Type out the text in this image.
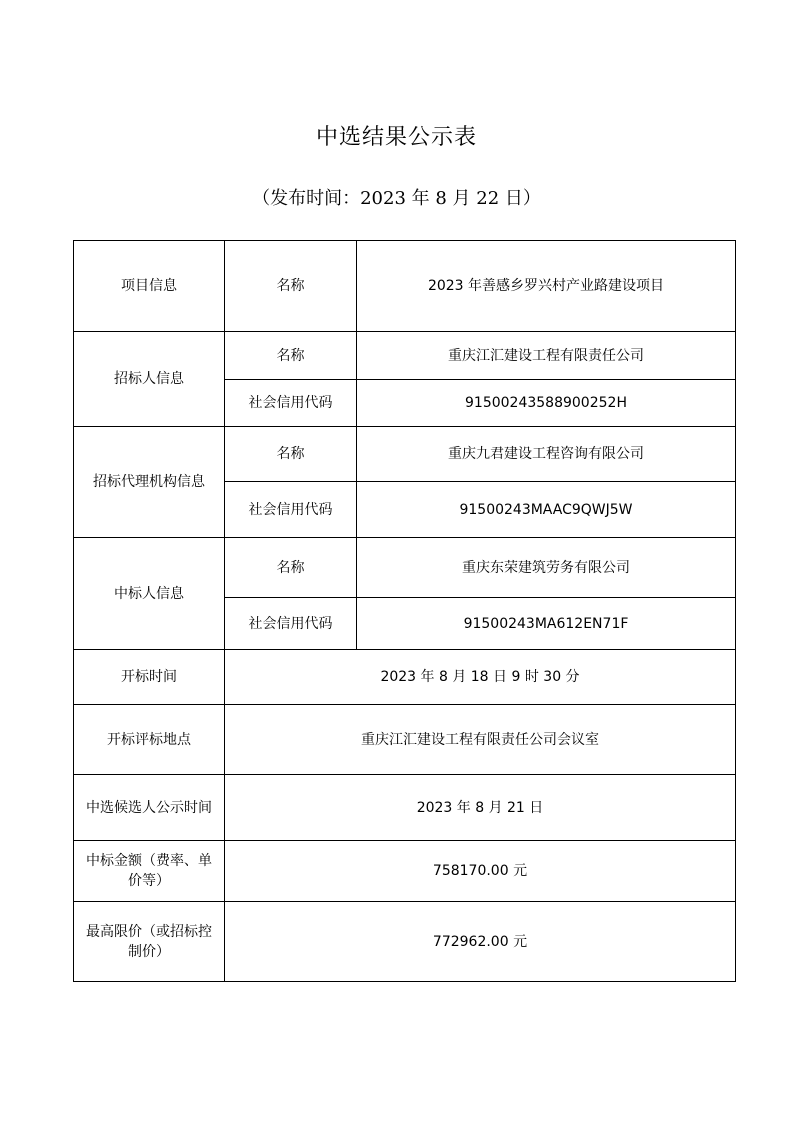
中选结果公示表
（发布时间：2023 年 8 月 22 日）
项目信息	名称	2023 年善感乡罗兴村产业路建设项目
招标人信息	名称	重庆江汇建设工程有限责任公司
	社会信用代码	91500243588900252H
招标代理机构信息	名称	重庆九君建设工程咨询有限公司
	社会信用代码	91500243MAAC9QWJ5W
中标人信息	名称	重庆东荣建筑劳务有限公司
	社会信用代码	91500243MA612EN71F
开标时间	2023 年 8 月 18 日 9 时 30 分	
开标评标地点	重庆江汇建设工程有限责任公司会议室	
中选候选人公示时间	2023 年 8 月 21 日	
中标金额（费率、单价等）	758170.00 元	
最高限价（或招标控制价）	772962.00 元	
